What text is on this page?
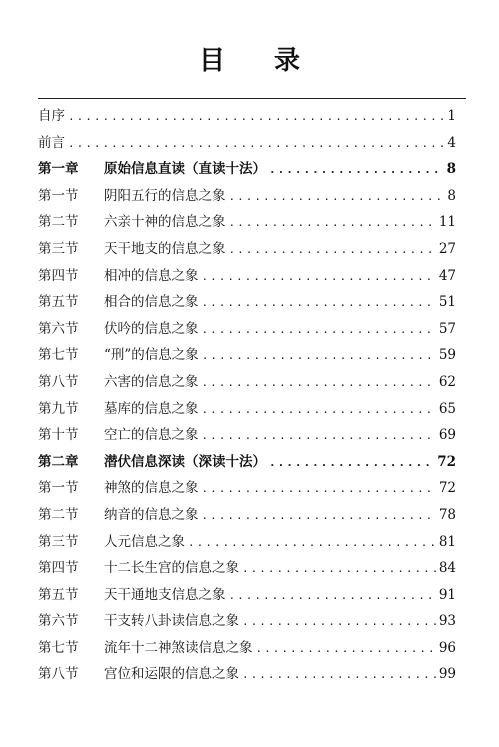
目 录
自序 .....	1
前言 .....	4
第一章	原始信息直读（直读十法） .....	8
第一节	阴阳五行的信息之象 .....	8
第二节	六亲十神的信息之象 .....	11
第三节	天干地支的信息之象 .....	27
第四节	相冲的信息之象 .....	47
第五节	相合的信息之象 .....	51
第六节	伏吟的信息之象 .....	57
第七节	“刑”的信息之象 .....	59
第八节	六害的信息之象 .....	62
第九节	墓库的信息之象 .....	65
第十节	空亡的信息之象 .....	69
第二章	潜伏信息深读（深读十法） .....	72
第一节	神煞的信息之象 .....	72
第二节	纳音的信息之象 .....	78
第三节	人元信息之象 .....	81
第四节	十二长生宫的信息之象 .....	84
第五节	天干通地支信息之象 .....	91
第六节	干支转八卦读信息之象 .....	93
第七节	流年十二神煞读信息之象 .....	96
第八节	宫位和运限的信息之象 .....	99
